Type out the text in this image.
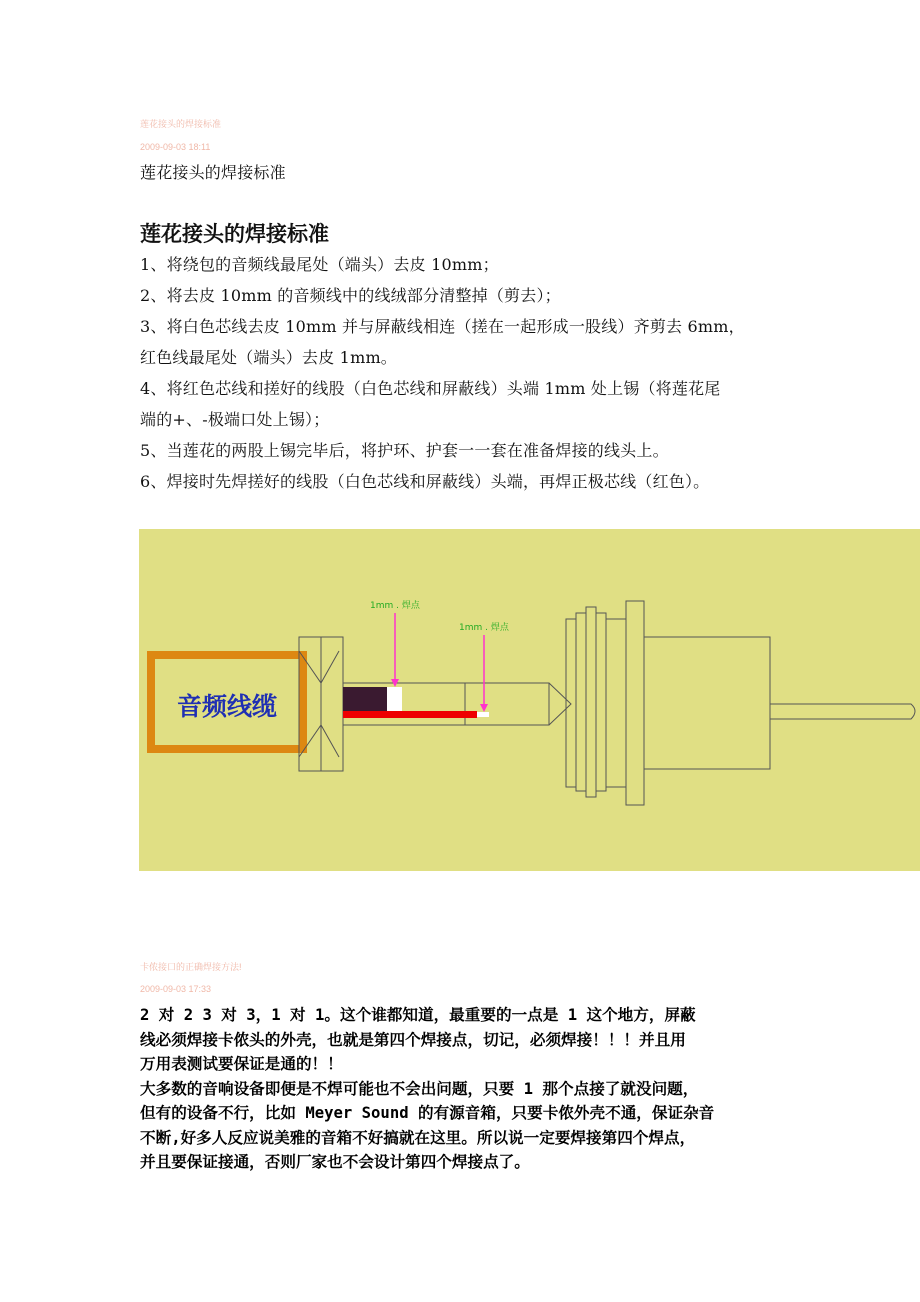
莲花接头的焊接标准
2009-09-03 18:11
莲花接头的焊接标准
莲花接头的焊接标准
1、将绕包的音频线最尾处（端头）去皮 10mm；
2、将去皮 10mm 的音频线中的线绒部分清整掉（剪去）；
3、将白色芯线去皮 10mm 并与屏蔽线相连（搓在一起形成一股线）齐剪去 6mm，
红色线最尾处（端头）去皮 1mm。
4、将红色芯线和搓好的线股（白色芯线和屏蔽线）头端 1mm 处上锡（将莲花尾
端的+、-极端口处上锡）；
5、当莲花的两股上锡完毕后，将护环、护套一一套在准备焊接的线头上。
6、焊接时先焊搓好的线股（白色芯线和屏蔽线）头端，再焊正极芯线（红色）。
音频线缆
1mm . 焊点
1mm . 焊点
卡侬接口的正确焊接方法!
2009-09-03 17:33
2 对 2 3 对 3，1 对 1。这个谁都知道，最重要的一点是 1 这个地方，屏蔽
线必须焊接卡侬头的外壳，也就是第四个焊接点，切记，必须焊接！！！并且用
万用表测试要保证是通的！！
大多数的音响设备即便是不焊可能也不会出问题，只要 1 那个点接了就没问题，
但有的设备不行，比如 Meyer Sound 的有源音箱，只要卡侬外壳不通，保证杂音
不断,好多人反应说美雅的音箱不好搞就在这里。所以说一定要焊接第四个焊点，
并且要保证接通，否则厂家也不会设计第四个焊接点了。
